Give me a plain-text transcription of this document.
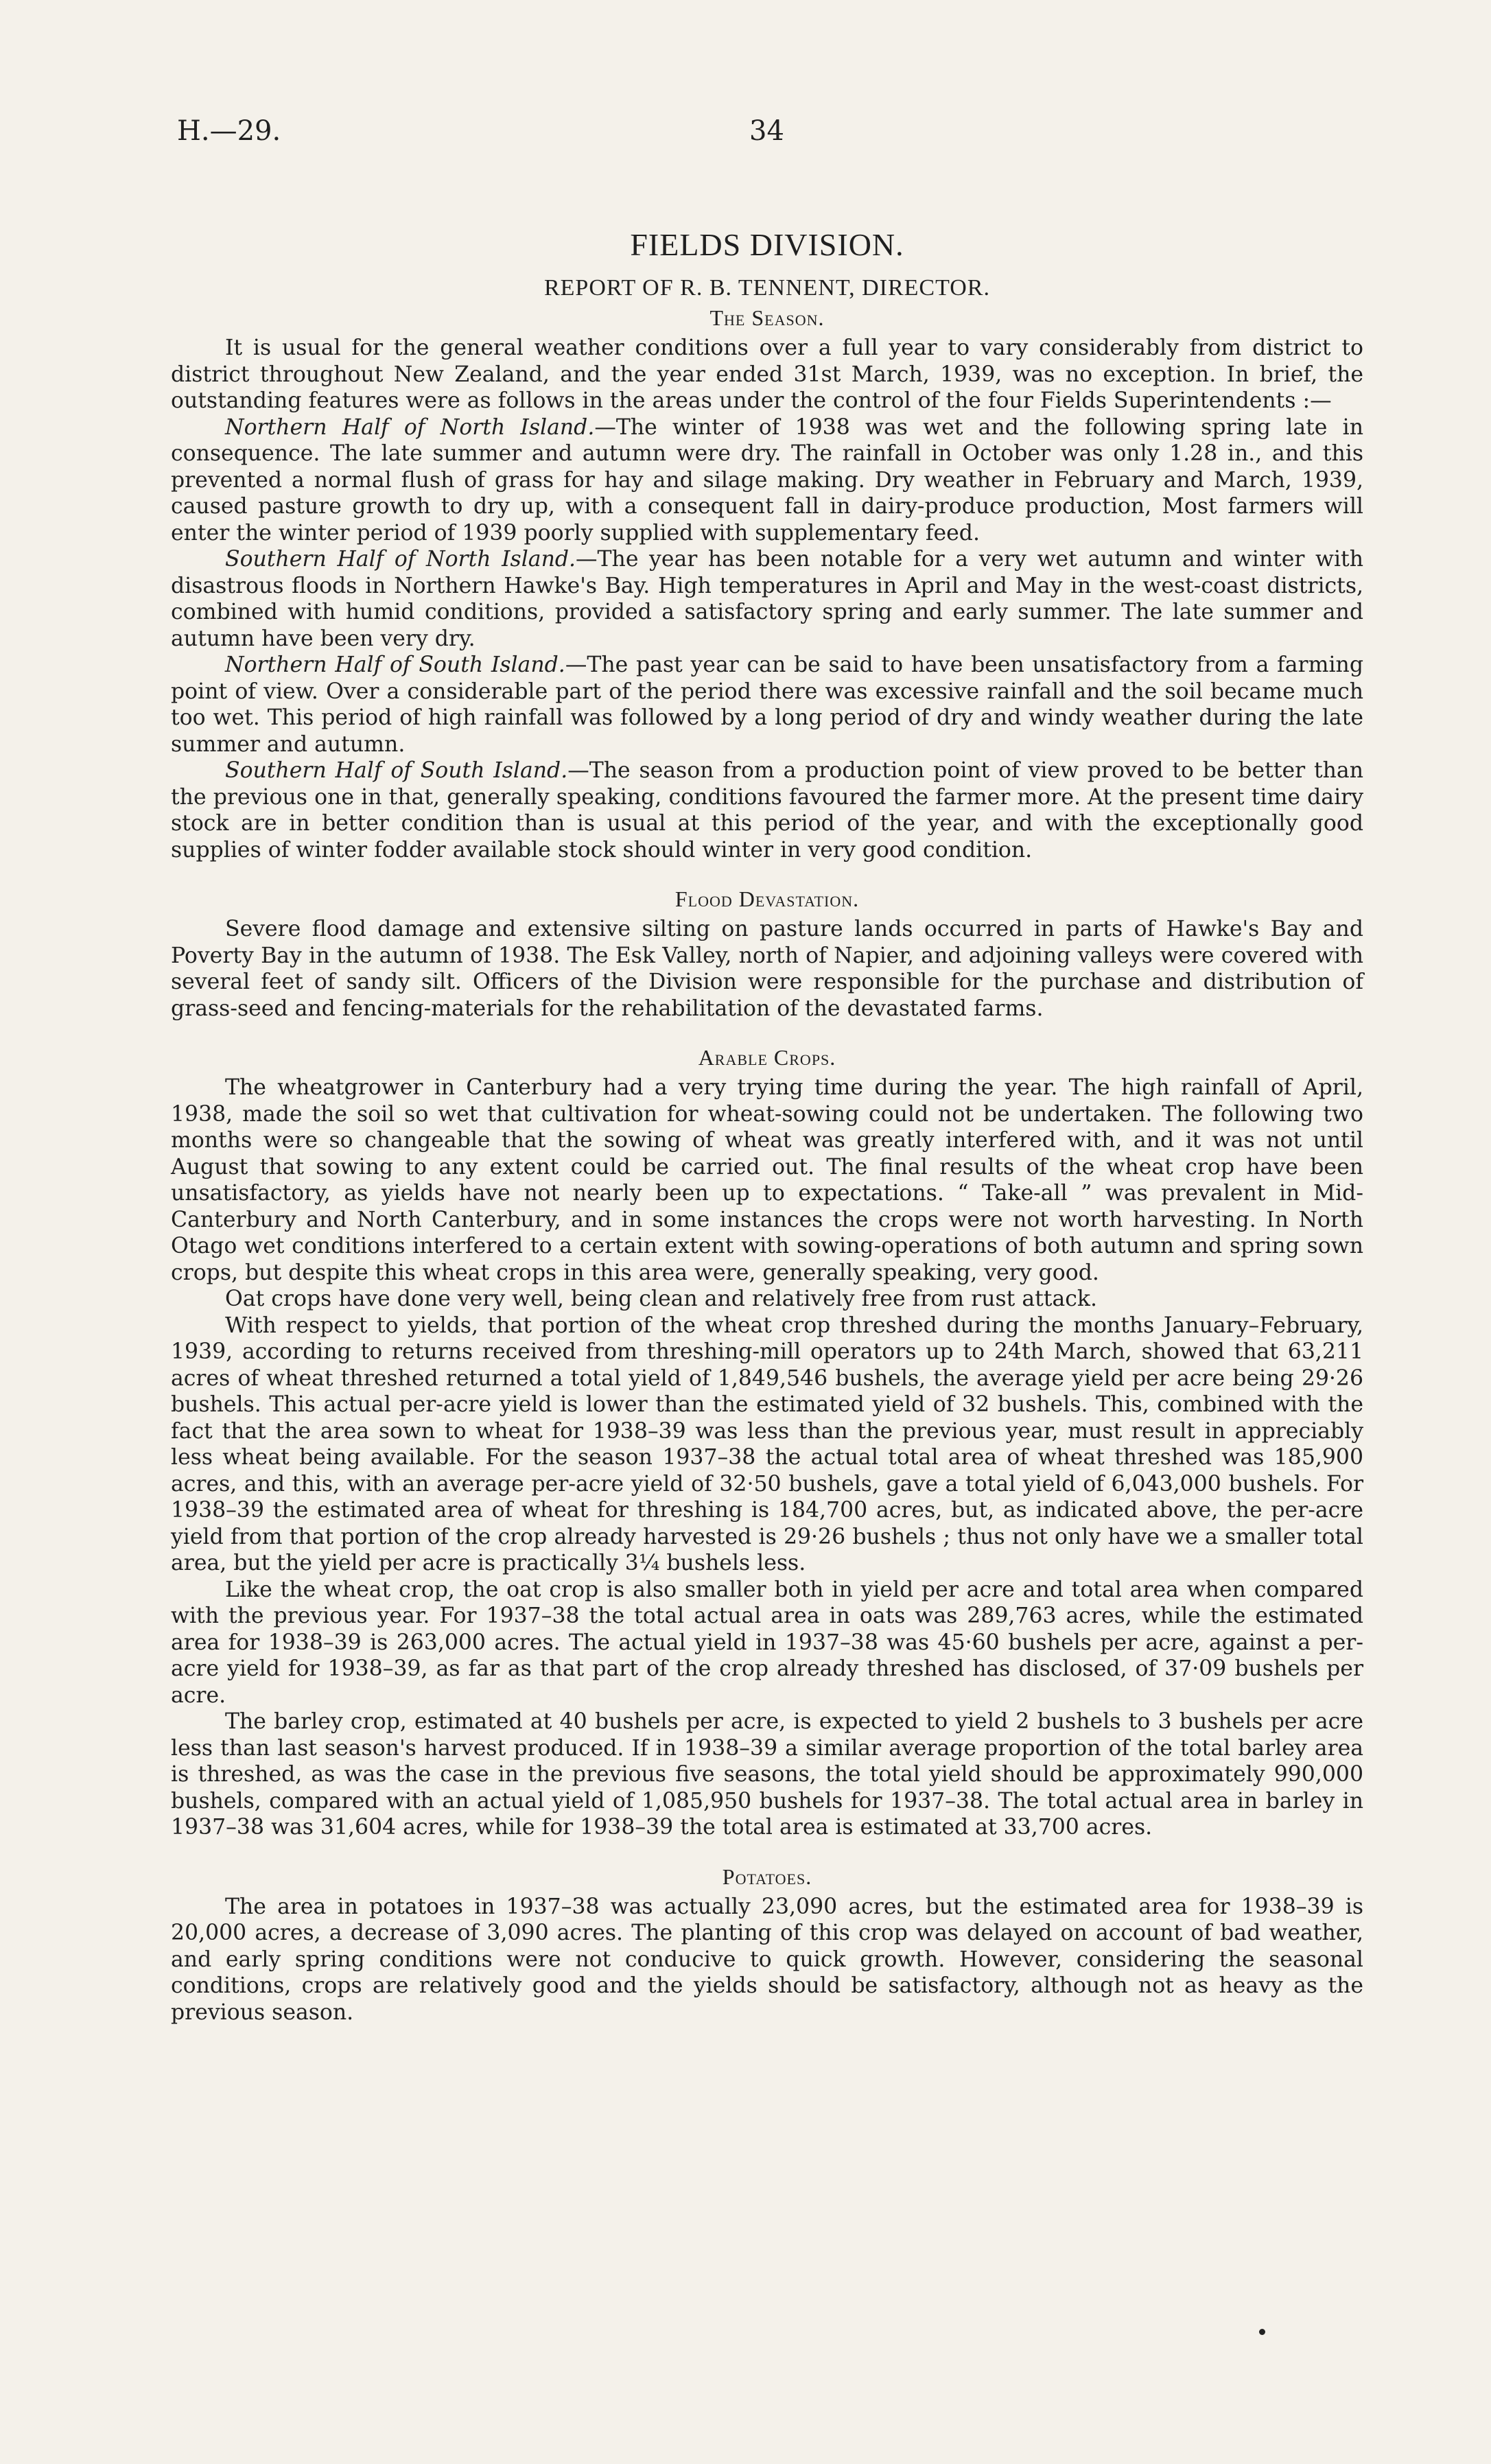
H.—29.	34
FIELDS DIVISION.
REPORT OF R. B. TENNENT, DIRECTOR.
The Season.

It is usual for the general weather conditions over a full year to vary considerably from district to district throughout New Zealand, and the year ended 31st March, 1939, was no exception. In brief, the outstanding features were as follows in the areas under the control of the four Fields Superintendents :—

Northern Half of North Island.—The winter of 1938 was wet and the following spring late in consequence. The late summer and autumn were dry. The rainfall in October was only 1.28 in., and this prevented a normal flush of grass for hay and silage making. Dry weather in February and March, 1939, caused pasture growth to dry up, with a consequent fall in dairy-produce production, Most farmers will enter the winter period of 1939 poorly supplied with supplementary feed.

Southern Half of North Island.—The year has been notable for a very wet autumn and winter with disastrous floods in Northern Hawke's Bay. High temperatures in April and May in the west-coast districts, combined with humid conditions, provided a satisfactory spring and early summer. The late summer and autumn have been very dry.

Northern Half of South Island.—The past year can be said to have been unsatisfactory from a farming point of view. Over a considerable part of the period there was excessive rainfall and the soil became much too wet. This period of high rainfall was followed by a long period of dry and windy weather during the late summer and autumn.

Southern Half of South Island.—The season from a production point of view proved to be better than the previous one in that, generally speaking, conditions favoured the farmer more. At the present time dairy stock are in better condition than is usual at this period of the year, and with the exceptionally good supplies of winter fodder available stock should winter in very good condition.

Flood Devastation.

Severe flood damage and extensive silting on pasture lands occurred in parts of Hawke's Bay and Poverty Bay in the autumn of 1938. The Esk Valley, north of Napier, and adjoining valleys were covered with several feet of sandy silt. Officers of the Division were responsible for the purchase and distribution of grass-seed and fencing-materials for the rehabilitation of the devastated farms.

Arable Crops.

The wheatgrower in Canterbury had a very trying time during the year. The high rainfall of April, 1938, made the soil so wet that cultivation for wheat-sowing could not be undertaken. The following two months were so changeable that the sowing of wheat was greatly interfered with, and it was not until August that sowing to any extent could be carried out. The final results of the wheat crop have been unsatisfactory, as yields have not nearly been up to expectations. “ Take-all ” was prevalent in Mid-Canterbury and North Canterbury, and in some instances the crops were not worth harvesting. In North Otago wet conditions interfered to a certain extent with sowing-operations of both autumn and spring sown crops, but despite this wheat crops in this area were, generally speaking, very good.

Oat crops have done very well, being clean and relatively free from rust attack.

With respect to yields, that portion of the wheat crop threshed during the months January–February, 1939, according to returns received from threshing-mill operators up to 24th March, showed that 63,211 acres of wheat threshed returned a total yield of 1,849,546 bushels, the average yield per acre being 29·26 bushels. This actual per-acre yield is lower than the estimated yield of 32 bushels. This, combined with the fact that the area sown to wheat for 1938–39 was less than the previous year, must result in appreciably less wheat being available. For the season 1937–38 the actual total area of wheat threshed was 185,900 acres, and this, with an average per-acre yield of 32·50 bushels, gave a total yield of 6,043,000 bushels. For 1938–39 the estimated area of wheat for threshing is 184,700 acres, but, as indicated above, the per-acre yield from that portion of the crop already harvested is 29·26 bushels ; thus not only have we a smaller total area, but the yield per acre is practically 3¼ bushels less.

Like the wheat crop, the oat crop is also smaller both in yield per acre and total area when compared with the previous year. For 1937–38 the total actual area in oats was 289,763 acres, while the estimated area for 1938–39 is 263,000 acres. The actual yield in 1937–38 was 45·60 bushels per acre, against a per-acre yield for 1938–39, as far as that part of the crop already threshed has disclosed, of 37·09 bushels per acre.

The barley crop, estimated at 40 bushels per acre, is expected to yield 2 bushels to 3 bushels per acre less than last season's harvest produced. If in 1938–39 a similar average proportion of the total barley area is threshed, as was the case in the previous five seasons, the total yield should be approximately 990,000 bushels, compared with an actual yield of 1,085,950 bushels for 1937–38. The total actual area in barley in 1937–38 was 31,604 acres, while for 1938–39 the total area is estimated at 33,700 acres.

Potatoes.

The area in potatoes in 1937–38 was actually 23,090 acres, but the estimated area for 1938–39 is 20,000 acres, a decrease of 3,090 acres. The planting of this crop was delayed on account of bad weather, and early spring conditions were not conducive to quick growth. However, considering the seasonal conditions, crops are relatively good and the yields should be satisfactory, although not as heavy as the previous season.
